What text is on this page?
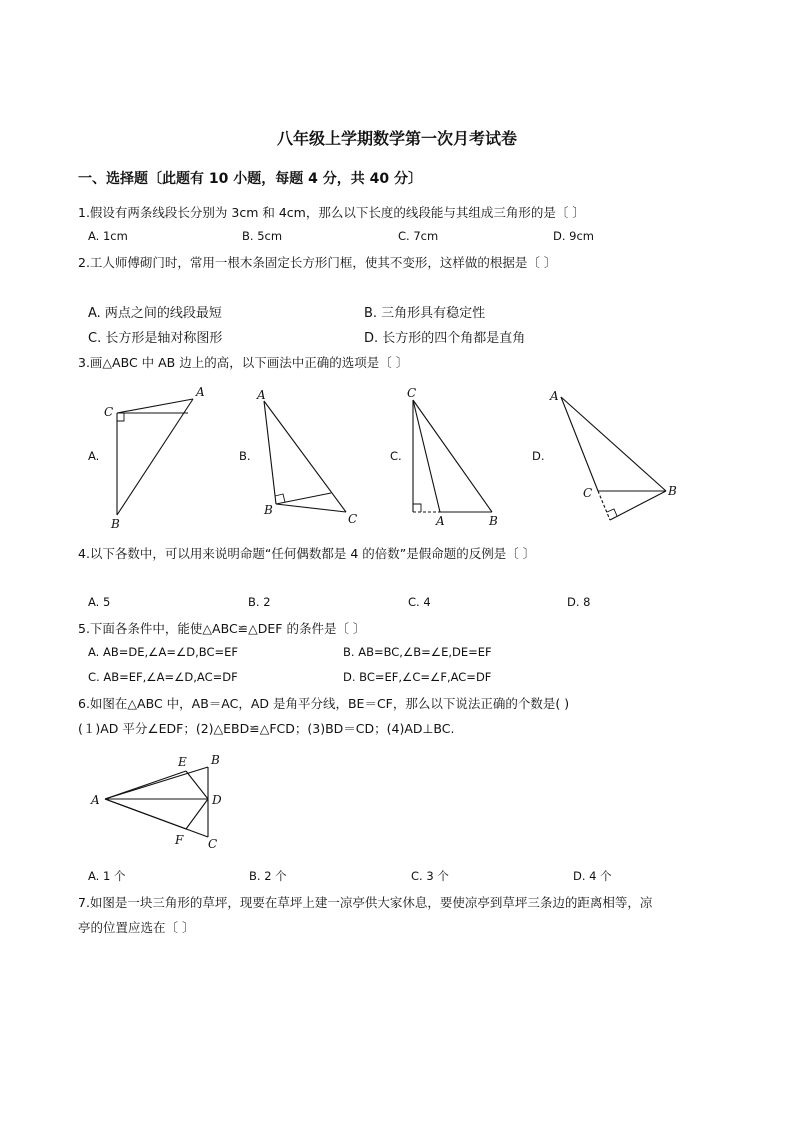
八年级上学期数学第一次月考试卷
一、选择题〔此题有 10 小题，每题 4 分，共 40 分〕
1.假设有两条线段长分别为 3cm 和 4cm，那么以下长度的线段能与其组成三角形的是〔 〕
A. 1cm	B. 5cm	C. 7cm	D. 9cm
2.工人师傅砌门时，常用一根木条固定长方形门框，使其不变形，这样做的根据是〔 〕
A. 两点之间的线段最短	B. 三角形具有稳定性
C. 长方形是轴对称图形	D. 长方形的四个角都是直角
3.画△ABC 中 AB 边上的高，以下画法中正确的选项是〔 〕
A.	B.	C.	D.
C
A
B
A
B
C
C
A	B
A
C	B
4.以下各数中，可以用来说明命题“任何偶数都是 4 的倍数”是假命题的反例是〔 〕
A. 5	B. 2	C. 4	D. 8
5.下面各条件中，能使△ABC≌△DEF 的条件是〔 〕
A. AB=DE,∠A=∠D,BC=EF	B. AB=BC,∠B=∠E,DE=EF
C. AB=EF,∠A=∠D,AC=DF	D. BC=EF,∠C=∠F,AC=DF
6.如图在△ABC 中，AB＝AC，AD 是角平分线，BE＝CF，那么以下说法正确的个数是( )
(１)AD 平分∠EDF；(2)△EBD≌△FCD；(3)BD＝CD；(4)AD⊥BC.
A
B
E
D
F C
A. 1 个	B. 2 个	C. 3 个	D. 4 个
7.如图是一块三角形的草坪，现要在草坪上建一凉亭供大家休息，要使凉亭到草坪三条边的距离相等，凉
亭的位置应选在〔 〕
